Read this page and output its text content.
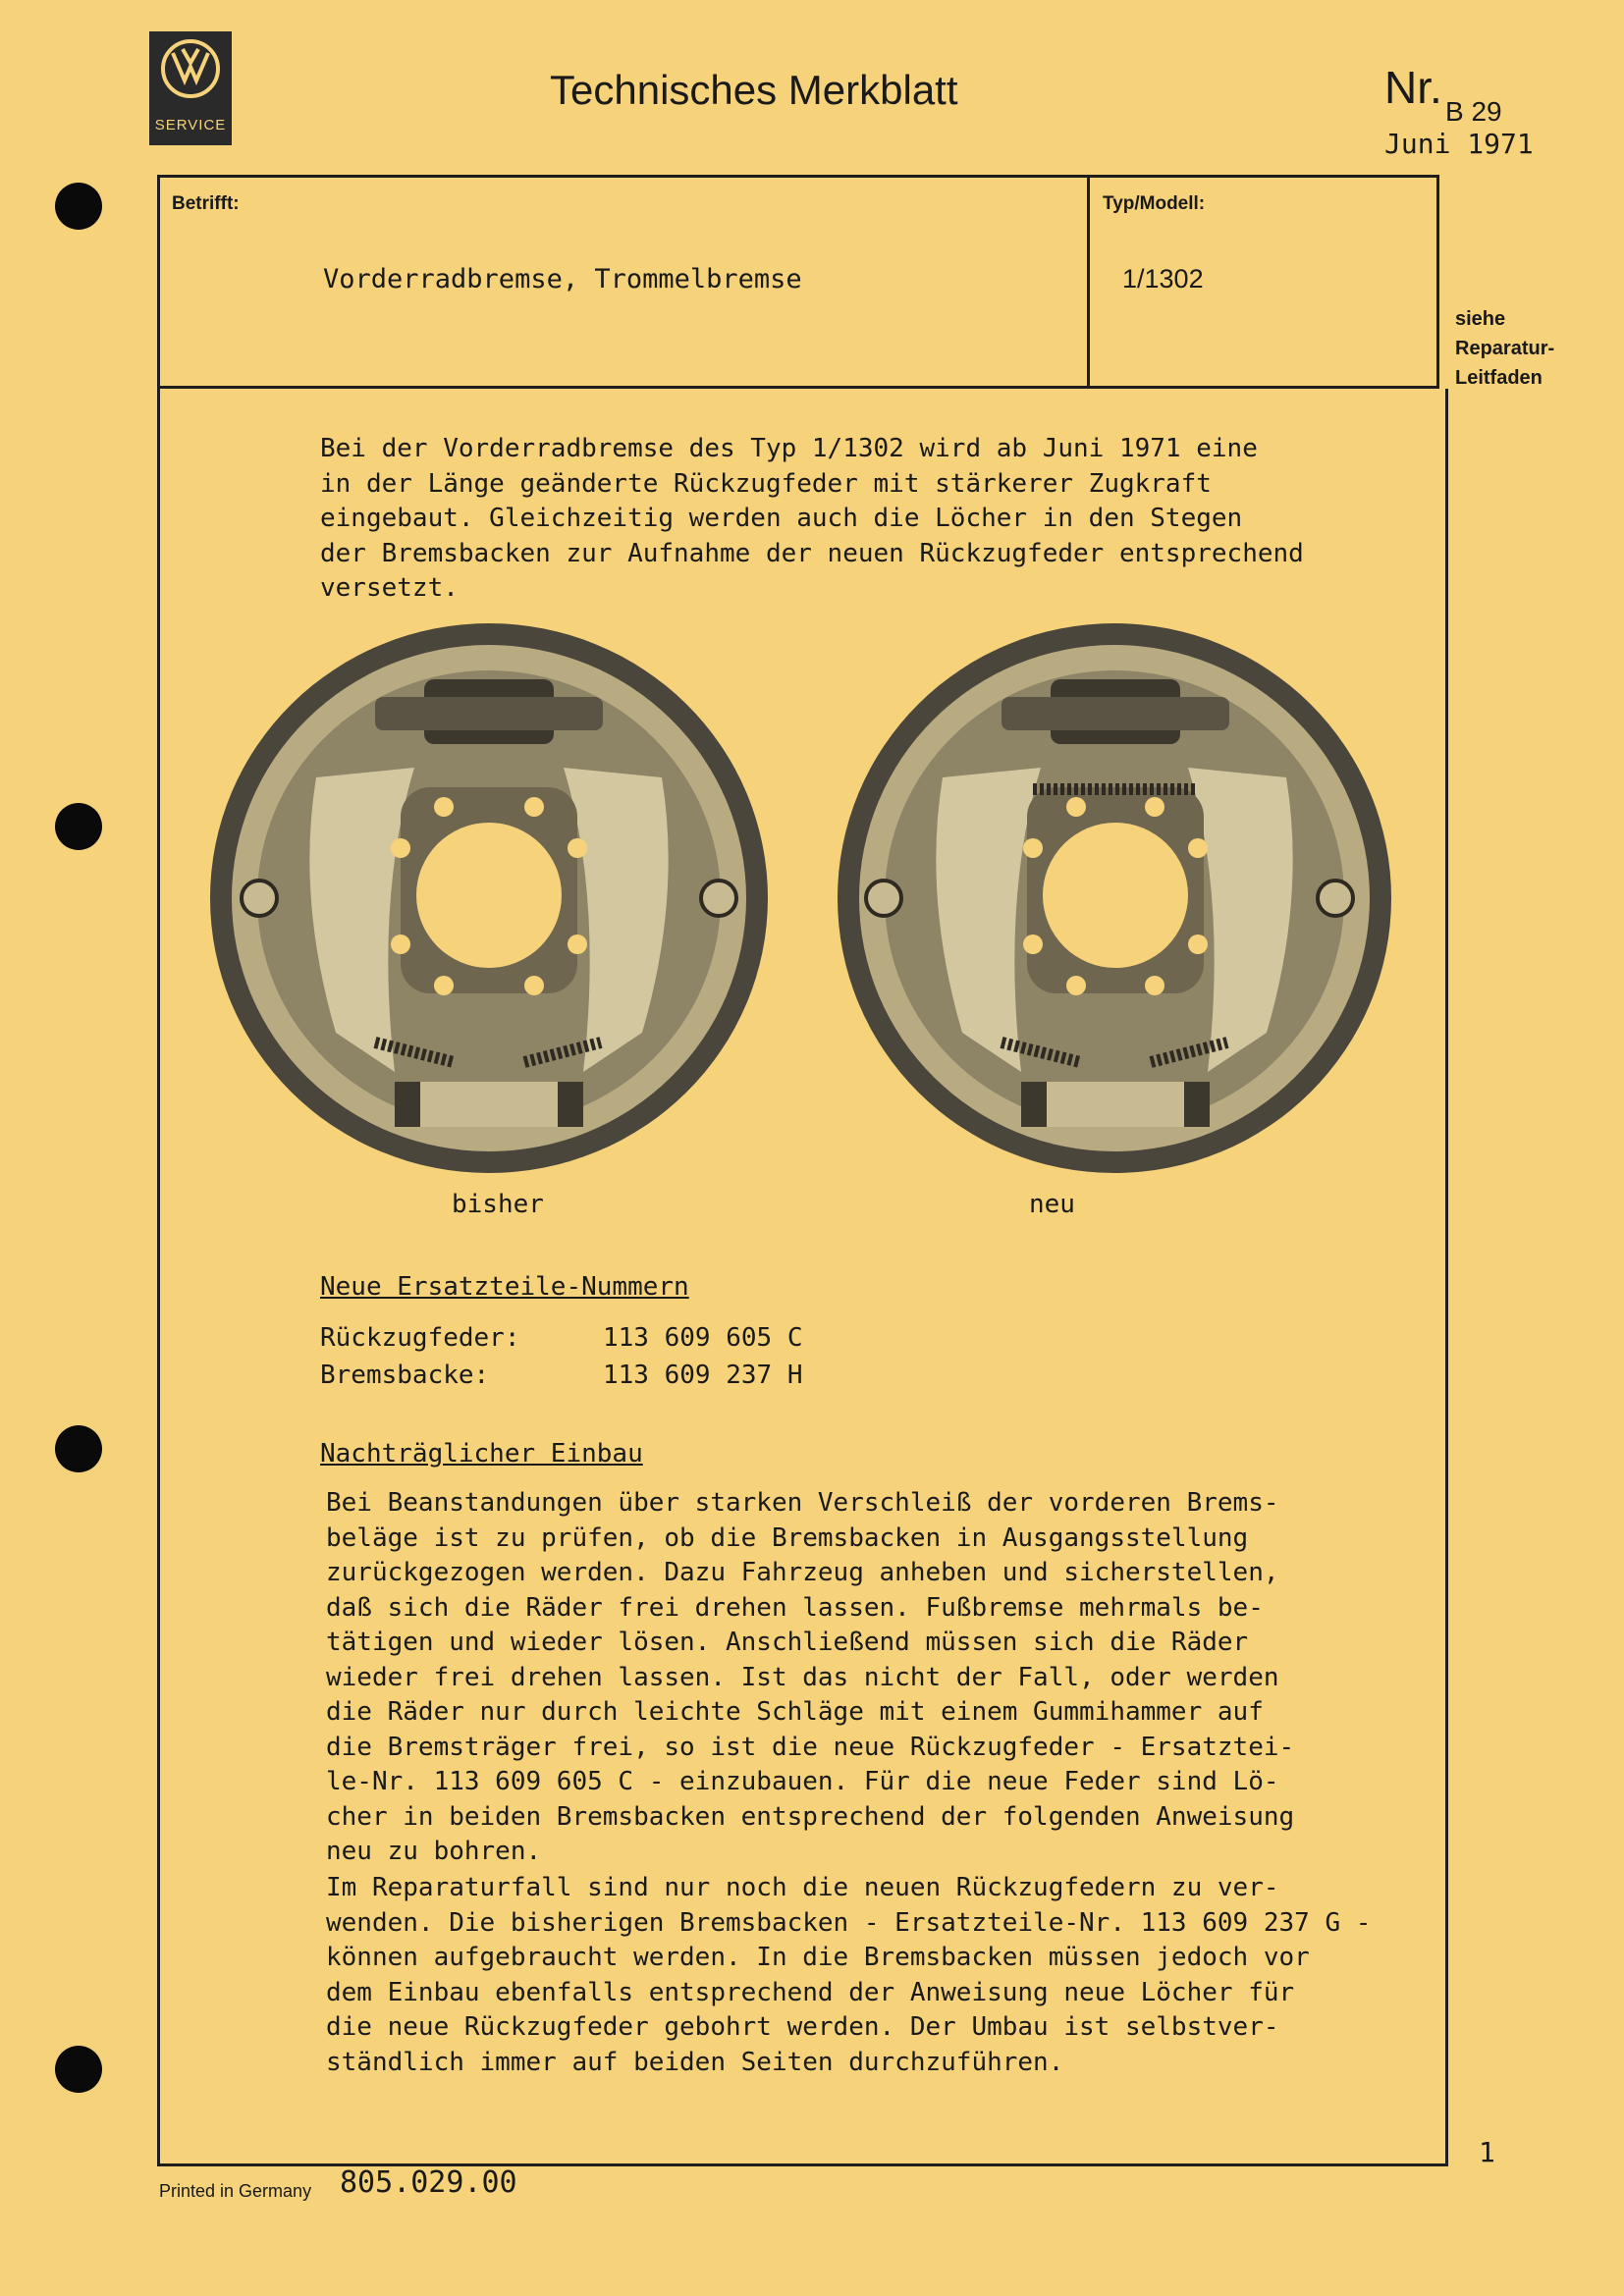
SERVICE
Technisches Merkblatt	Nr. B 29
Juni 1971
Betrifft:
Vorderradbremse, Trommelbremse
Typ/Modell:
1/1302
siehe
Reparatur-
Leitfaden
Bei der Vorderradbremse des Typ 1/1302 wird ab Juni 1971 eine
in der Länge geänderte Rückzugfeder mit stärkerer Zugkraft
eingebaut. Gleichzeitig werden auch die Löcher in den Stegen
der Bremsbacken zur Aufnahme der neuen Rückzugfeder entsprechend
versetzt.
bisher	neu
Neue Ersatzteile-Nummern
Rückzugfeder:	113 609 605 C
Bremsbacke:	113 609 237 H
Nachträglicher Einbau
Bei Beanstandungen über starken Verschleiß der vorderen Brems-
beläge ist zu prüfen, ob die Bremsbacken in Ausgangsstellung
zurückgezogen werden. Dazu Fahrzeug anheben und sicherstellen,
daß sich die Räder frei drehen lassen. Fußbremse mehrmals be-
tätigen und wieder lösen. Anschließend müssen sich die Räder
wieder frei drehen lassen. Ist das nicht der Fall, oder werden
die Räder nur durch leichte Schläge mit einem Gummihammer auf
die Bremsträger frei, so ist die neue Rückzugfeder - Ersatztei-
le-Nr. 113 609 605 C - einzubauen. Für die neue Feder sind Lö-
cher in beiden Bremsbacken entsprechend der folgenden Anweisung
neu zu bohren.
Im Reparaturfall sind nur noch die neuen Rückzugfedern zu ver-
wenden. Die bisherigen Bremsbacken - Ersatzteile-Nr. 113 609 237 G -
können aufgebraucht werden. In die Bremsbacken müssen jedoch vor
dem Einbau ebenfalls entsprechend der Anweisung neue Löcher für
die neue Rückzugfeder gebohrt werden. Der Umbau ist selbstver-
ständlich immer auf beiden Seiten durchzuführen.
1
Printed in Germany 805.029.00
